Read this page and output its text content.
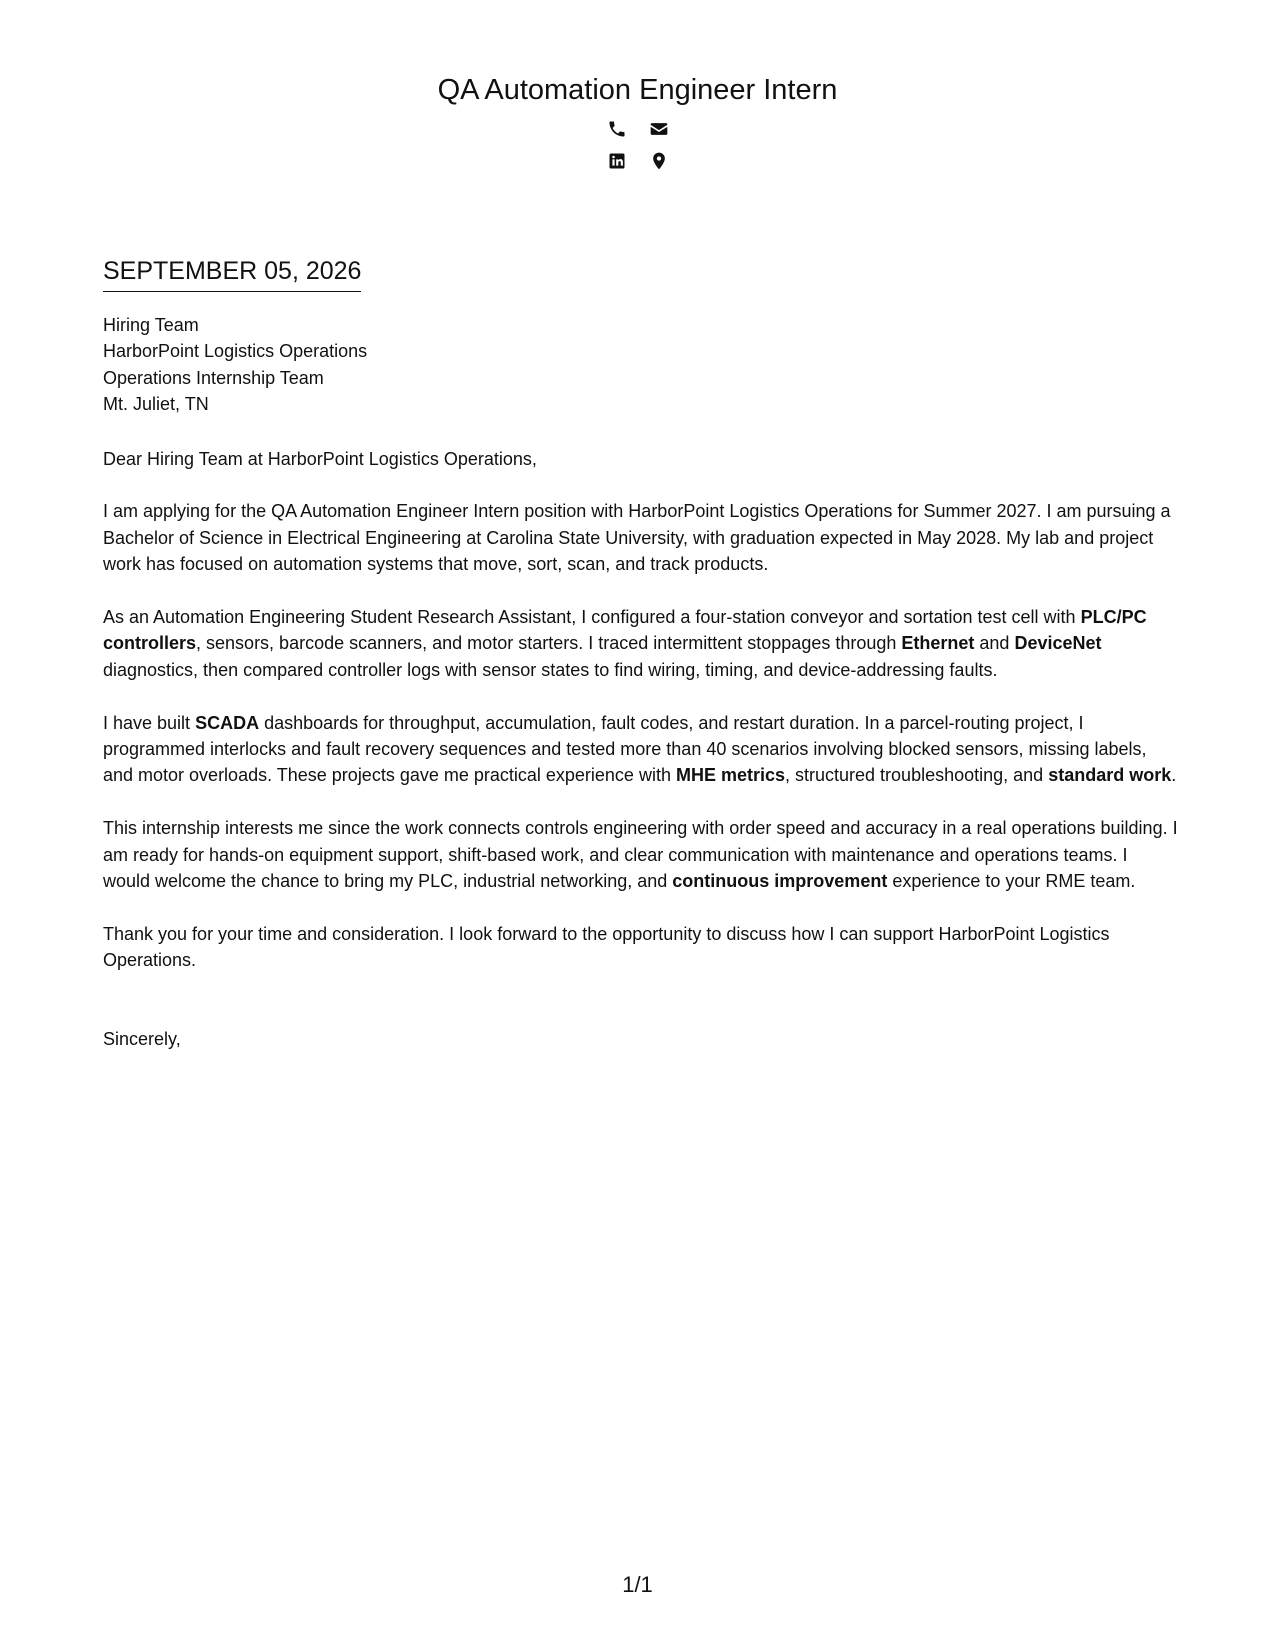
QA Automation Engineer Intern
SEPTEMBER 05, 2026
Hiring Team
HarborPoint Logistics Operations
Operations Internship Team
Mt. Juliet, TN
Dear Hiring Team at HarborPoint Logistics Operations,
I am applying for the QA Automation Engineer Intern position with HarborPoint Logistics Operations for Summer 2027. I am pursuing a Bachelor of Science in Electrical Engineering at Carolina State University, with graduation expected in May 2028. My lab and project work has focused on automation systems that move, sort, scan, and track products.
As an Automation Engineering Student Research Assistant, I configured a four-station conveyor and sortation test cell with PLC/PC controllers, sensors, barcode scanners, and motor starters. I traced intermittent stoppages through Ethernet and DeviceNet diagnostics, then compared controller logs with sensor states to find wiring, timing, and device-addressing faults.
I have built SCADA dashboards for throughput, accumulation, fault codes, and restart duration. In a parcel-routing project, I programmed interlocks and fault recovery sequences and tested more than 40 scenarios involving blocked sensors, missing labels, and motor overloads. These projects gave me practical experience with MHE metrics, structured troubleshooting, and standard work.
This internship interests me since the work connects controls engineering with order speed and accuracy in a real operations building. I am ready for hands-on equipment support, shift-based work, and clear communication with maintenance and operations teams. I would welcome the chance to bring my PLC, industrial networking, and continuous improvement experience to your RME team.
Thank you for your time and consideration. I look forward to the opportunity to discuss how I can support HarborPoint Logistics Operations.
Sincerely,
1/1
